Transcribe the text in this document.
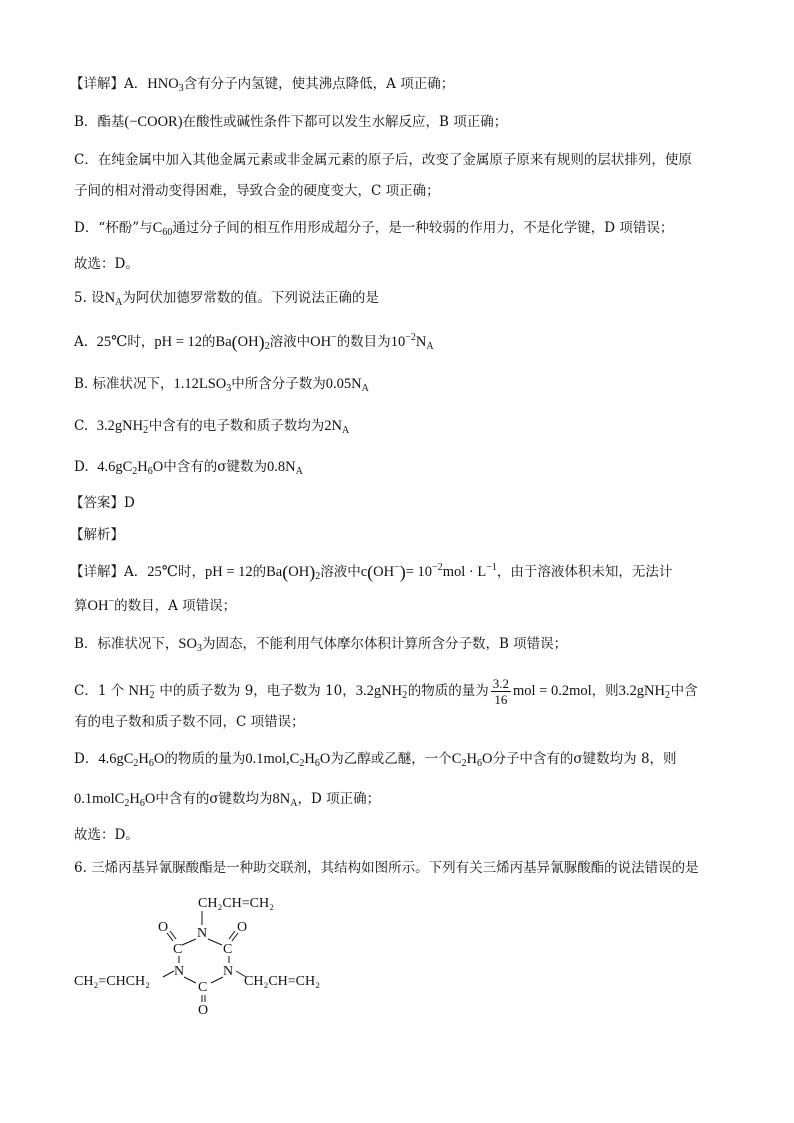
【详解】A．$HNO_3$含有分子内氢键，使其沸点降低，A 项正确；
B．酯基(−COOR)在酸性或碱性条件下都可以发生水解反应，B 项正确；
C．在纯金属中加入其他金属元素或非金属元素的原子后，改变了金属原子原来有规则的层状排列，使原
子间的相对滑动变得困难，导致合金的硬度变大，C 项正确；
D．“杯酚”与$C_{60}$通过分子间的相互作用形成超分子，是一种较弱的作用力，不是化学键，D 项错误；
故选：D。
5. 设$N_A$为阿伏加德罗常数的值。下列说法正确的是
A. 25℃时，pH = 12的$Ba(OH)_2$溶液中OH−的数目为$10^{-2}N_A$
B. 标准状况下，$1.12LSO_3$中所含分子数为$0.05N_A$
C. 3.2gNH$_2$−中含有的电子数和质子数均为$2N_A$
D. $4.6gC_2H_6O$中含有的σ键数为$0.8N_A$
【答案】D
【解析】
【详解】A．25℃时，pH = 12的$Ba(OH)_2$溶液中$c(OH^-)= 10^{-2}mol \cdot L^{-1}$，由于溶液体积未知，无法计
算OH−的数目，A 项错误；
B．标准状况下，$SO_3$为固态，不能利用气体摩尔体积计算所含分子数，B 项错误；
C．1 个 $NH_2^-$ 中的质子数为 9，电子数为 10，3.2gNH$_2$−的物质的量为 $\frac{3.2}{16}$ mol = 0.2mol，则3.2gNH$_2$−中含
有的电子数和质子数不同，C 项错误；
D．$4.6gC_2H_6O$的物质的量为$0.1mol,C_2H_6O$为乙醇或乙醚，一个$C_2H_6O$分子中含有的σ键数均为 8，则
$0.1molC_2H_6O$中含有的σ键数均为$8N_A$，D 项正确；
故选：D。
6. 三烯丙基异氰脲酸酯是一种助交联剂，其结构如图所示。下列有关三烯丙基异氰脲酸酯的说法错误的是
CH₂CH=CH₂
N
C	C
O	O
N	N
C
O
CH₂=CHCH₂	CH₂CH=CH₂
